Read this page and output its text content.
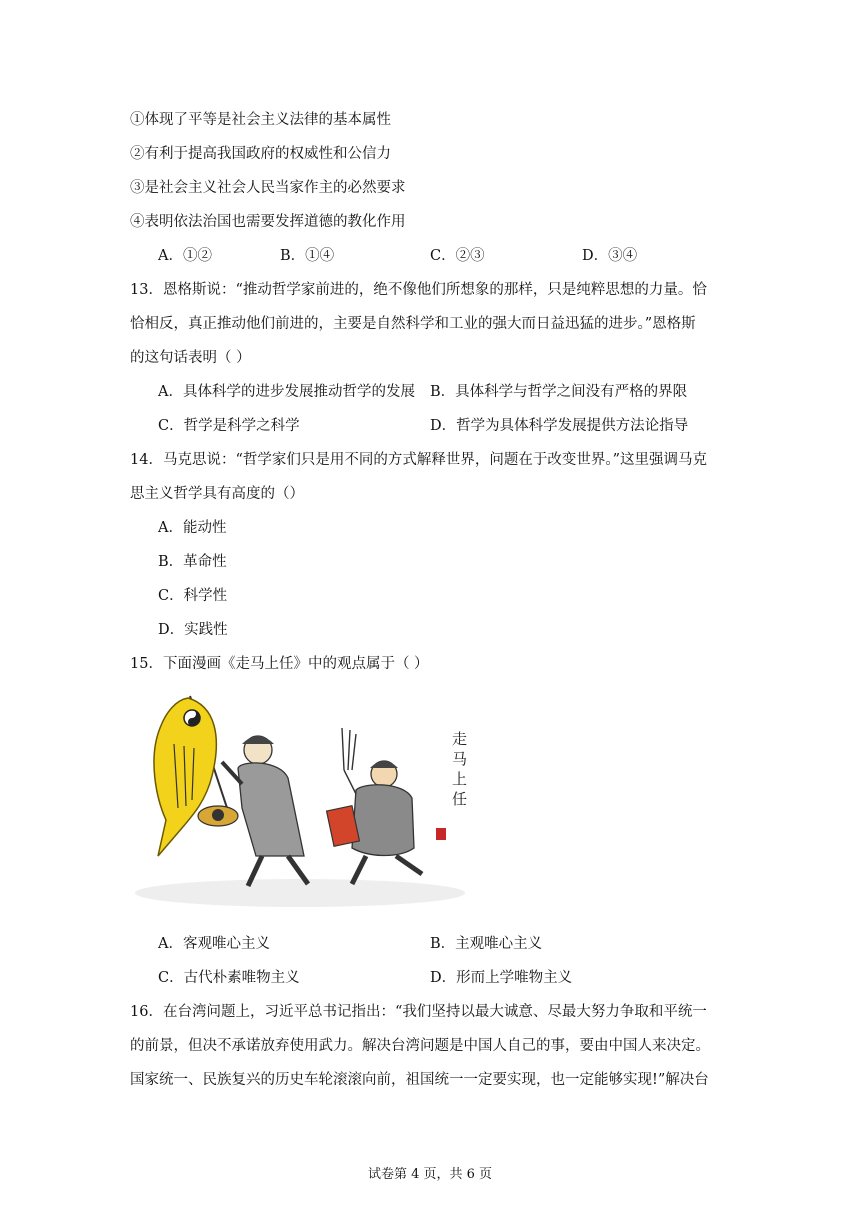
①体现了平等是社会主义法律的基本属性
②有利于提高我国政府的权威性和公信力
③是社会主义社会人民当家作主的必然要求
④表明依法治国也需要发挥道德的教化作用
A．①②	B．①④	C．②③	D．③④
13．恩格斯说：“推动哲学家前进的，绝不像他们所想象的那样，只是纯粹思想的力量。恰
恰相反，真正推动他们前进的，主要是自然科学和工业的强大而日益迅猛的进步。”恩格斯
的这句话表明（ ）
A．具体科学的进步发展推动哲学的发展 B．具体科学与哲学之间没有严格的界限
C．哲学是科学之科学	D．哲学为具体科学发展提供方法论指导
14．马克思说：“哲学家们只是用不同的方式解释世界，问题在于改变世界。”这里强调马克
思主义哲学具有高度的（）
A．能动性
B．革命性
C．科学性
D．实践性
15．下面漫画《走马上任》中的观点属于（ ）
走
马
上
任
A．客观唯心主义	B．主观唯心主义
C．古代朴素唯物主义	D．形而上学唯物主义
16．在台湾问题上，习近平总书记指出：“我们坚持以最大诚意、尽最大努力争取和平统一
的前景，但决不承诺放弃使用武力。解决台湾问题是中国人自己的事，要由中国人来决定。
国家统一、民族复兴的历史车轮滚滚向前，祖国统一一定要实现，也一定能够实现!”解决台
试卷第 4 页，共 6 页
